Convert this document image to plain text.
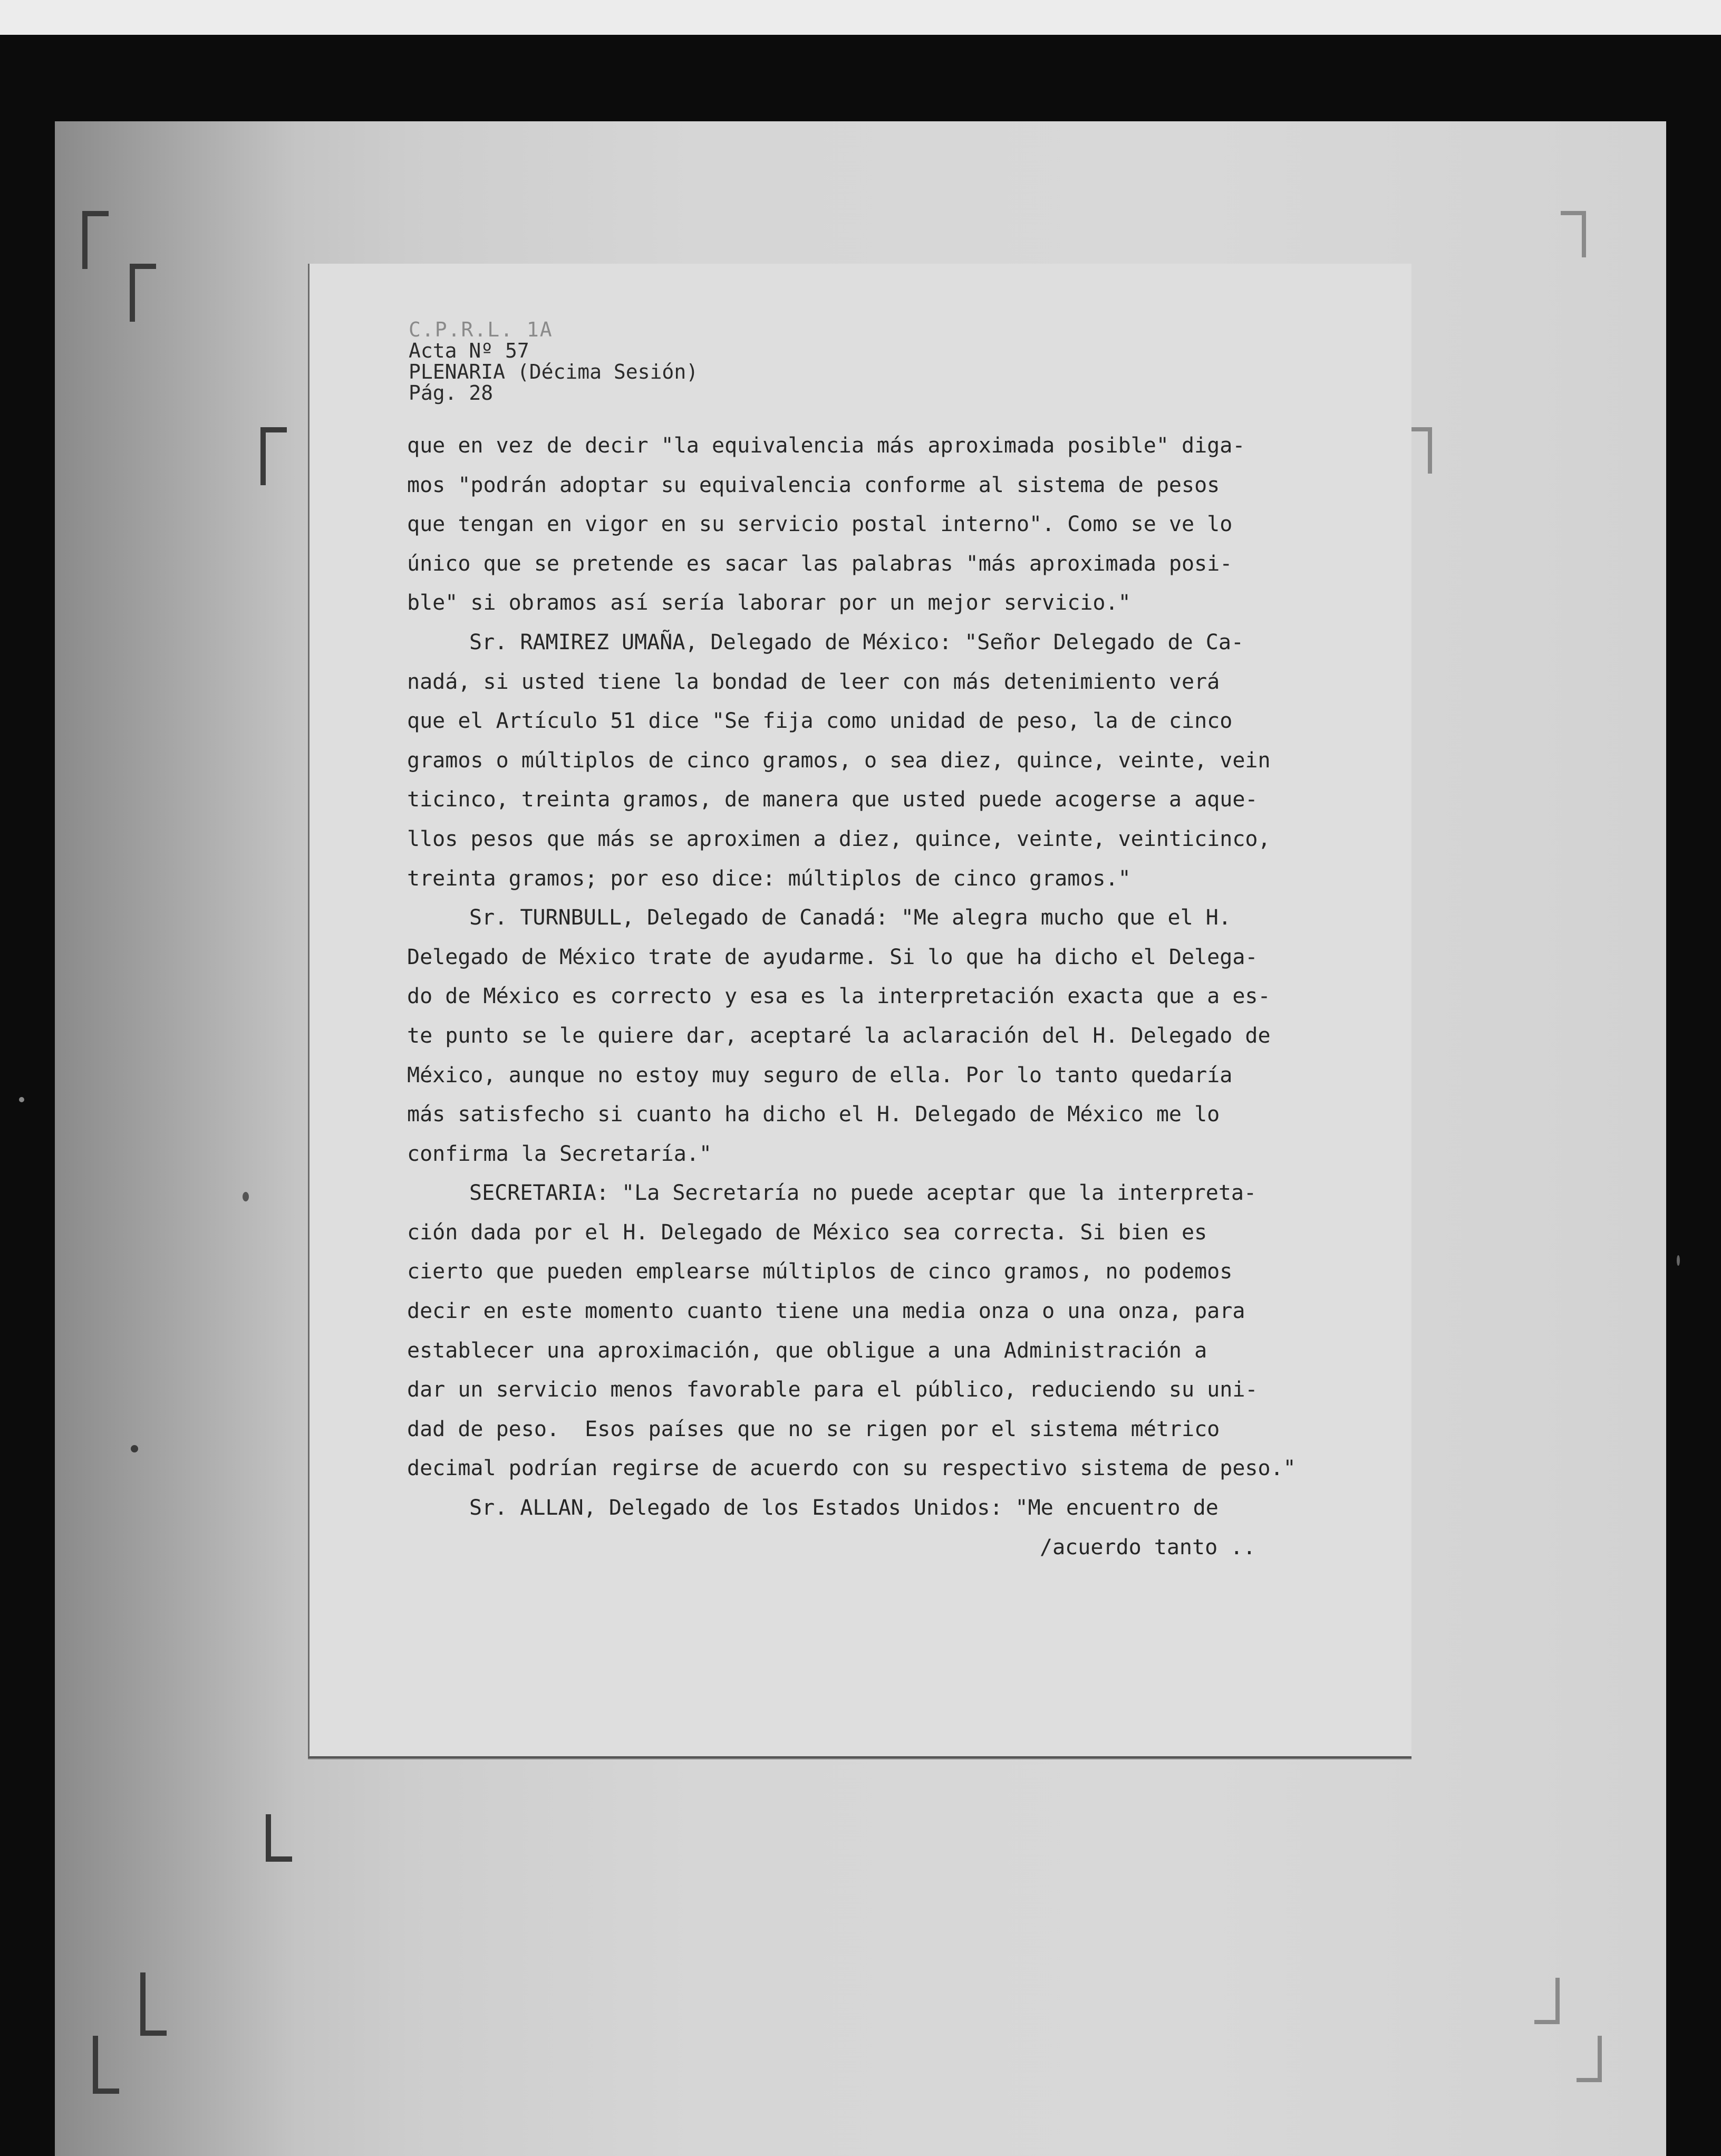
C.P.R.L. 1A
Acta Nº 57
PLENARIA (Décima Sesión)
Pág. 28
que en vez de decir "la equivalencia más aproximada posible" diga-
mos "podrán adoptar su equivalencia conforme al sistema de pesos
que tengan en vigor en su servicio postal interno". Como se ve lo
único que se pretende es sacar las palabras "más aproximada posi-
ble" si obramos así sería laborar por un mejor servicio."
Sr. RAMIREZ UMAÑA, Delegado de México: "Señor Delegado de Ca-
nadá, si usted tiene la bondad de leer con más detenimiento verá
que el Artículo 51 dice "Se fija como unidad de peso, la de cinco
gramos o múltiplos de cinco gramos, o sea diez, quince, veinte, vein
ticinco, treinta gramos, de manera que usted puede acogerse a aque-
llos pesos que más se aproximen a diez, quince, veinte, veinticinco,
treinta gramos; por eso dice: múltiplos de cinco gramos."
Sr. TURNBULL, Delegado de Canadá: "Me alegra mucho que el H.
Delegado de México trate de ayudarme. Si lo que ha dicho el Delega-
do de México es correcto y esa es la interpretación exacta que a es-
te punto se le quiere dar, aceptaré la aclaración del H. Delegado de
México, aunque no estoy muy seguro de ella. Por lo tanto quedaría
más satisfecho si cuanto ha dicho el H. Delegado de México me lo
confirma la Secretaría."
SECRETARIA: "La Secretaría no puede aceptar que la interpreta-
ción dada por el H. Delegado de México sea correcta. Si bien es
cierto que pueden emplearse múltiplos de cinco gramos, no podemos
decir en este momento cuanto tiene una media onza o una onza, para
establecer una aproximación, que obligue a una Administración a
dar un servicio menos favorable para el público, reduciendo su uni-
dad de peso.  Esos países que no se rigen por el sistema métrico
decimal podrían regirse de acuerdo con su respectivo sistema de peso."
Sr. ALLAN, Delegado de los Estados Unidos: "Me encuentro de
/acuerdo tanto ..
